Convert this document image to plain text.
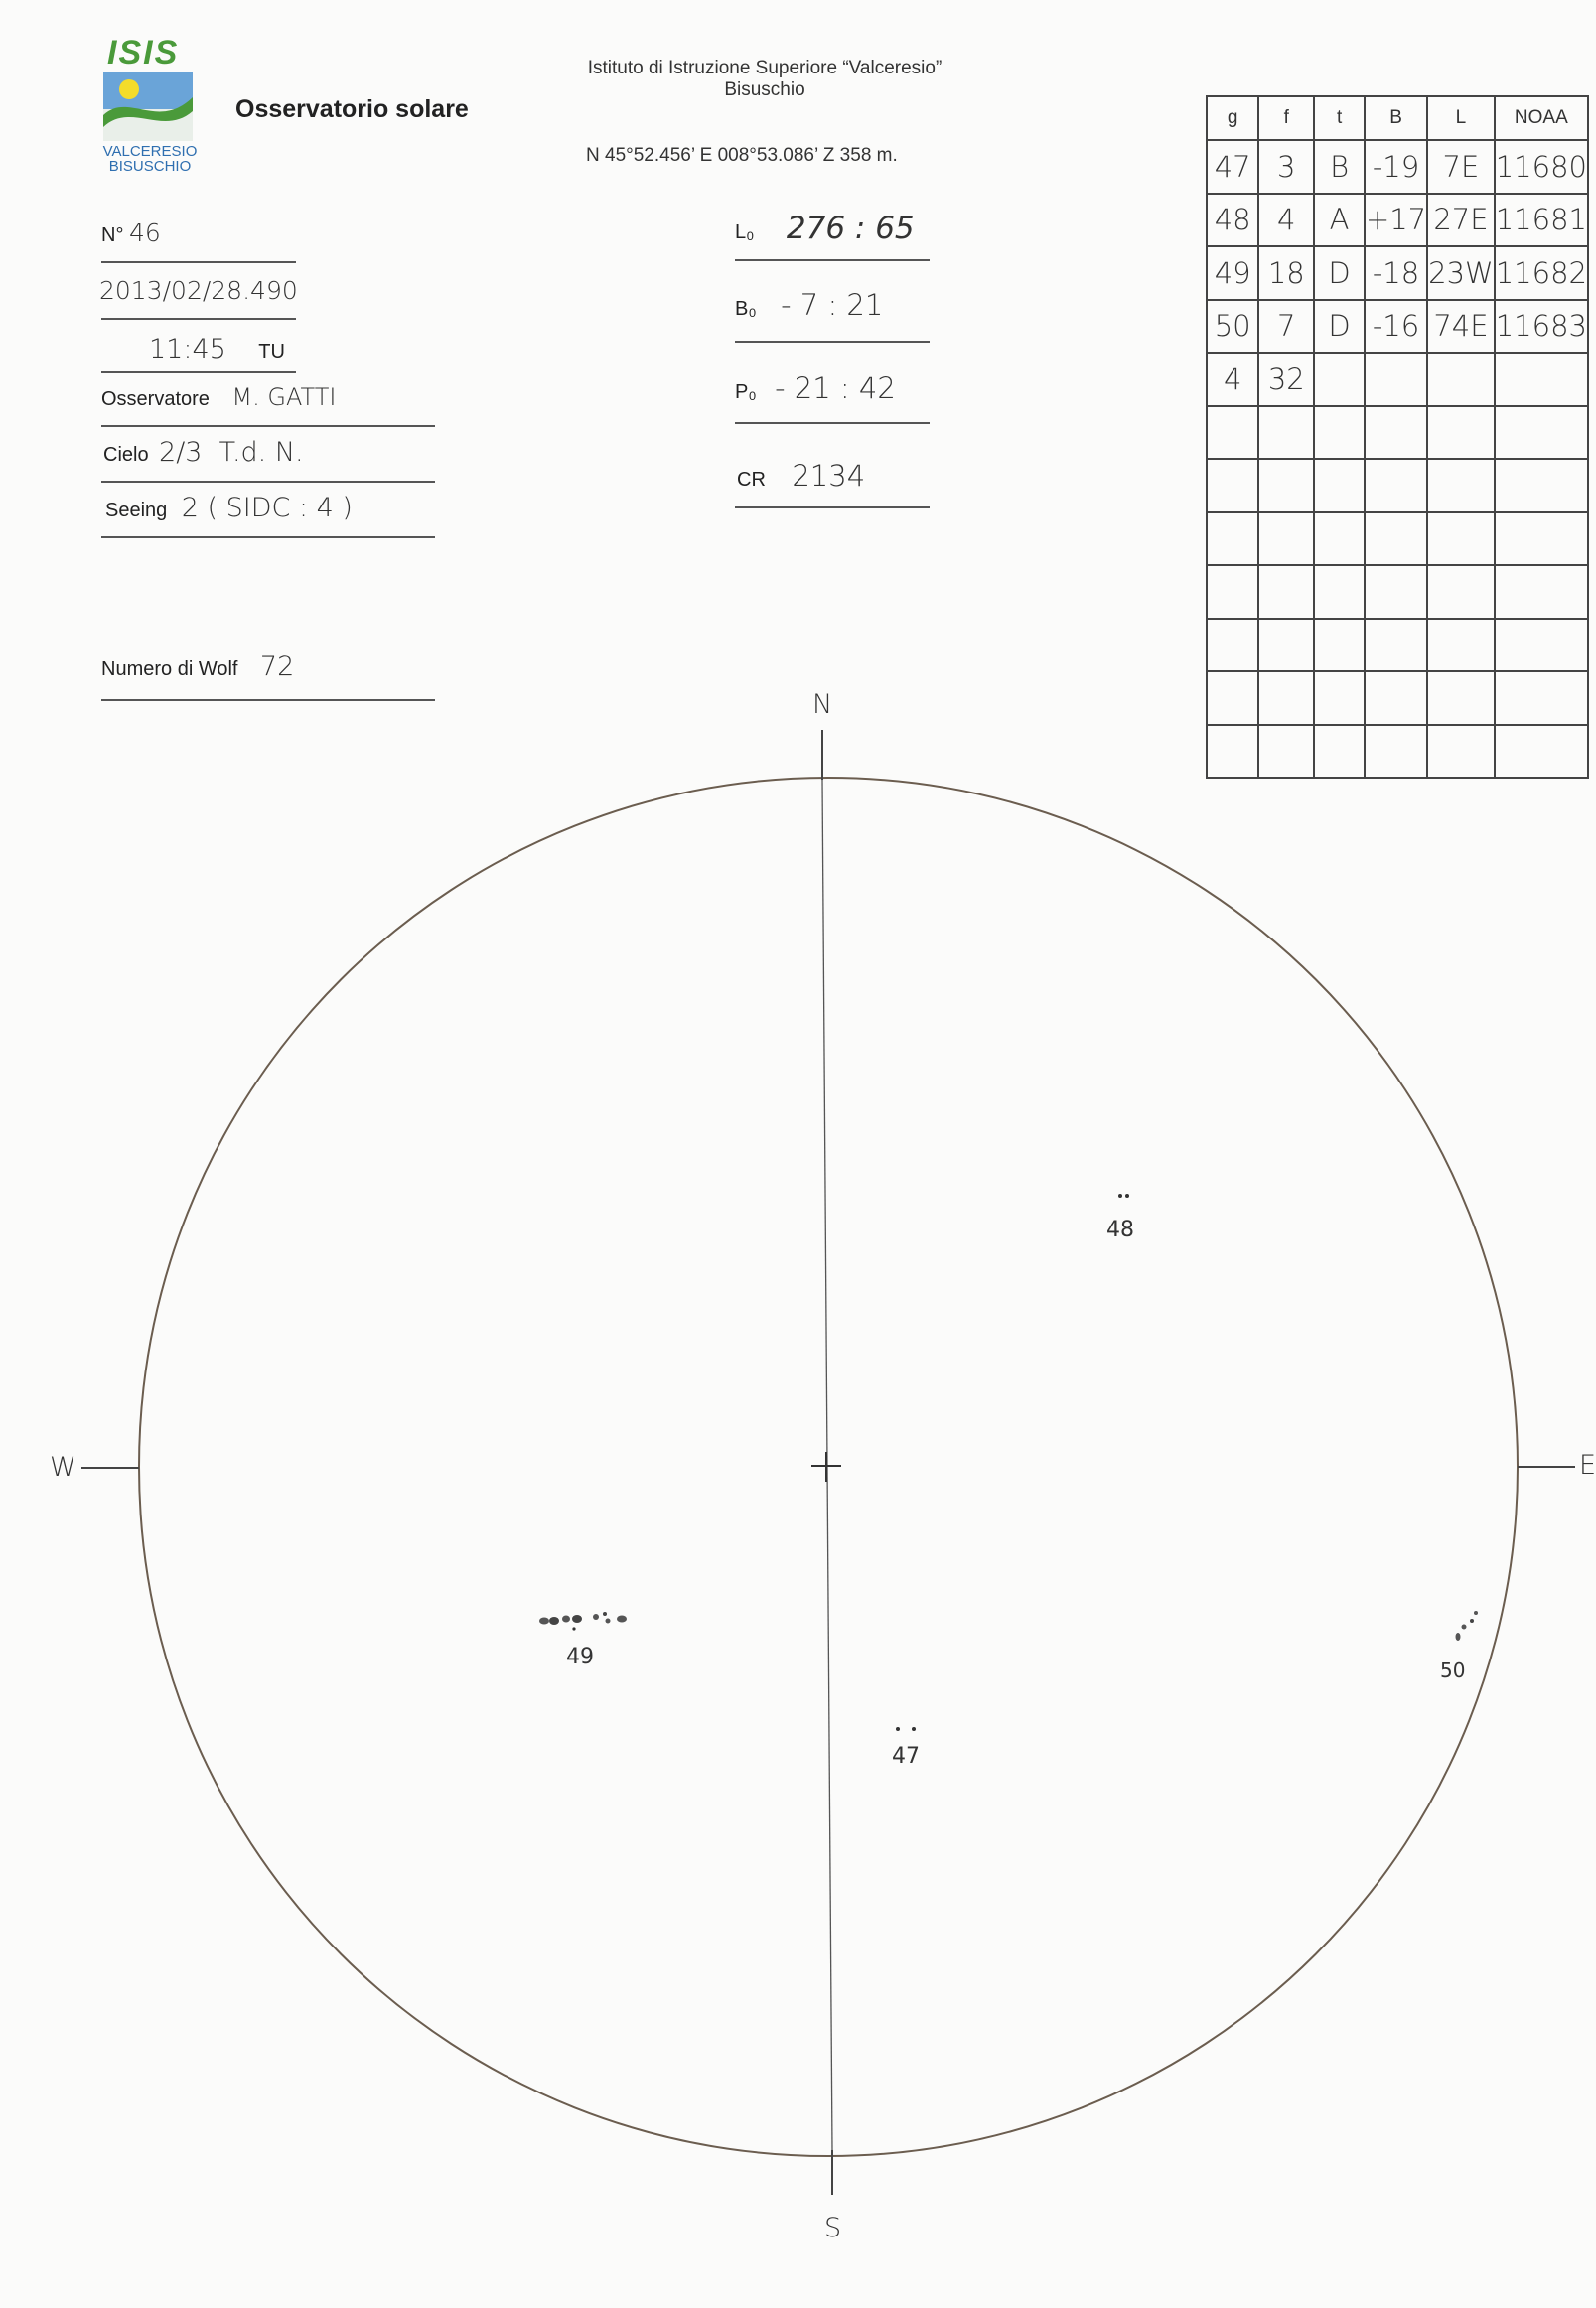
ISIS
VALCERESIO
BISUSCHIO
Osservatorio solare
Istituto di Istruzione Superiore “Valceresio”
Bisuschio
N 45°52.456’ E 008°53.086’ Z 358 m.
N° 46
2013/02/28.490
11:45 TU
Osservatore M. GATTI
Cielo 2/3  T.d. N.
Seeing 2 ( SIDC : 4 )
Numero di Wolf 72
L₀ 276 : 65
B₀ - 7 : 21
P₀ - 21 : 42
CR 2134
g	f	t	B	L	NOAA
47	3	B	-19	7E	11680
48	4	A	+17	27E	11681
49	18	D	-18	23W	11682
50	7	D	-16	74E	11683
4	32				

N
S
W	E
48
49
47
50
